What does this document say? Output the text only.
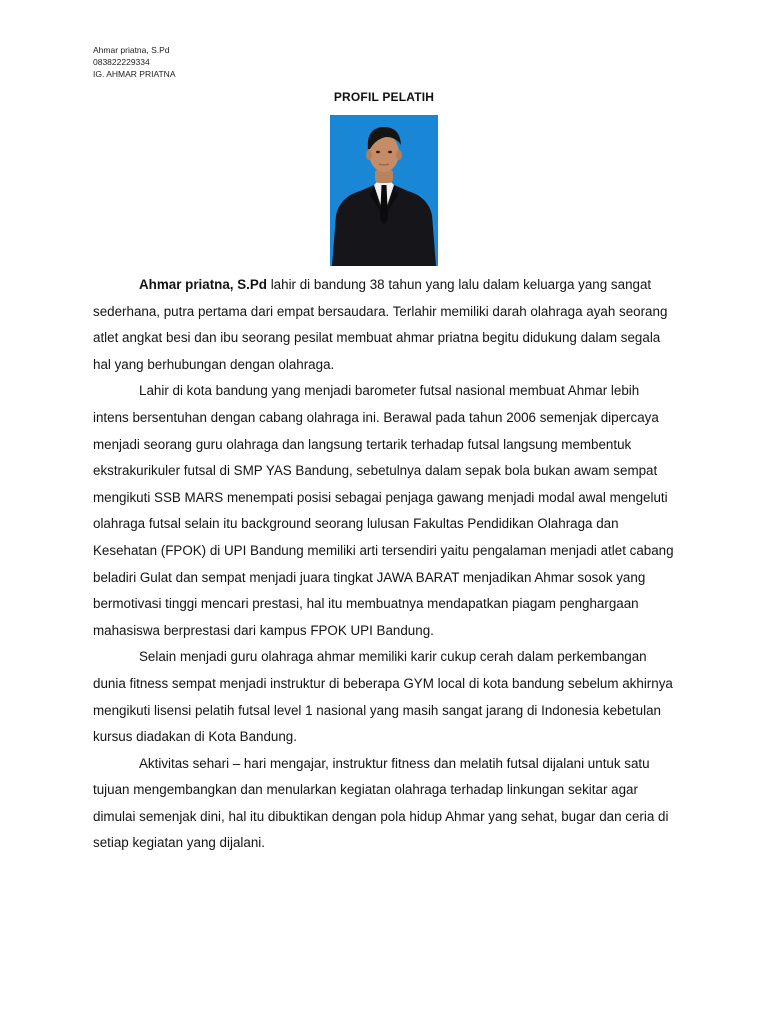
Ahmar priatna, S.Pd
083822229334
IG. AHMAR PRIATNA
PROFIL PELATIH

Ahmar priatna, S.Pd lahir di bandung 38 tahun yang lalu dalam keluarga yang sangat sederhana, putra pertama dari empat bersaudara. Terlahir memiliki darah olahraga ayah seorang atlet angkat besi dan ibu seorang pesilat membuat ahmar priatna begitu didukung dalam segala hal yang berhubungan dengan olahraga.

Lahir di kota bandung yang menjadi barometer futsal nasional membuat Ahmar lebih intens bersentuhan dengan cabang olahraga ini. Berawal pada tahun 2006 semenjak dipercaya menjadi seorang guru olahraga dan langsung tertarik terhadap futsal langsung membentuk ekstrakurikuler futsal di SMP YAS Bandung, sebetulnya dalam sepak bola bukan awam sempat mengikuti SSB MARS menempati posisi sebagai penjaga gawang menjadi modal awal mengeluti olahraga futsal selain itu background seorang lulusan Fakultas Pendidikan Olahraga dan Kesehatan (FPOK) di UPI Bandung memiliki arti tersendiri yaitu pengalaman menjadi atlet cabang beladiri Gulat dan sempat menjadi juara tingkat JAWA BARAT menjadikan Ahmar sosok yang bermotivasi tinggi mencari prestasi, hal itu membuatnya mendapatkan piagam penghargaan mahasiswa berprestasi dari kampus FPOK UPI Bandung.

Selain menjadi guru olahraga ahmar memiliki karir cukup cerah dalam perkembangan dunia fitness sempat menjadi instruktur di beberapa GYM local di kota bandung sebelum akhirnya mengikuti lisensi pelatih futsal level 1 nasional yang masih sangat jarang di Indonesia kebetulan kursus diadakan di Kota Bandung.

Aktivitas sehari – hari mengajar, instruktur fitness dan melatih futsal dijalani untuk satu tujuan mengembangkan dan menularkan kegiatan olahraga terhadap linkungan sekitar agar dimulai semenjak dini, hal itu dibuktikan dengan pola hidup Ahmar yang sehat, bugar dan ceria di setiap kegiatan yang dijalani.
